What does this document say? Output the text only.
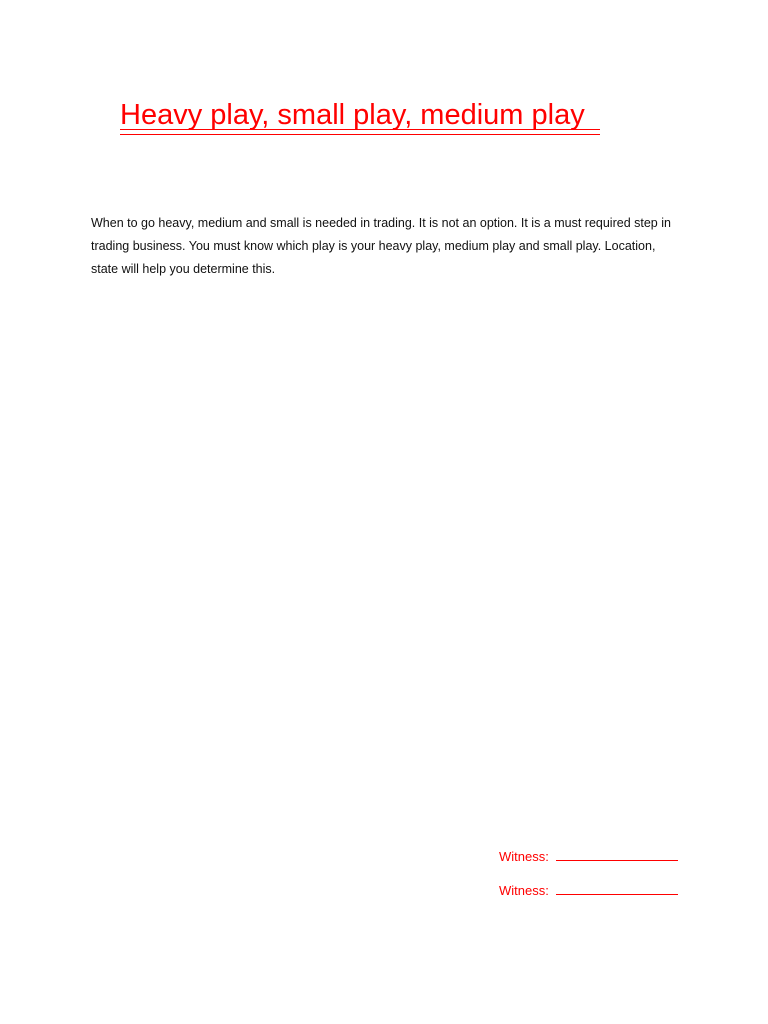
Heavy play, small play, medium play

When to go heavy, medium and small is needed in trading. It is not an option. It is a must required step in trading business. You must know which play is your heavy play, medium play and small play. Location, state will help you determine this.

Witness:
Witness:
